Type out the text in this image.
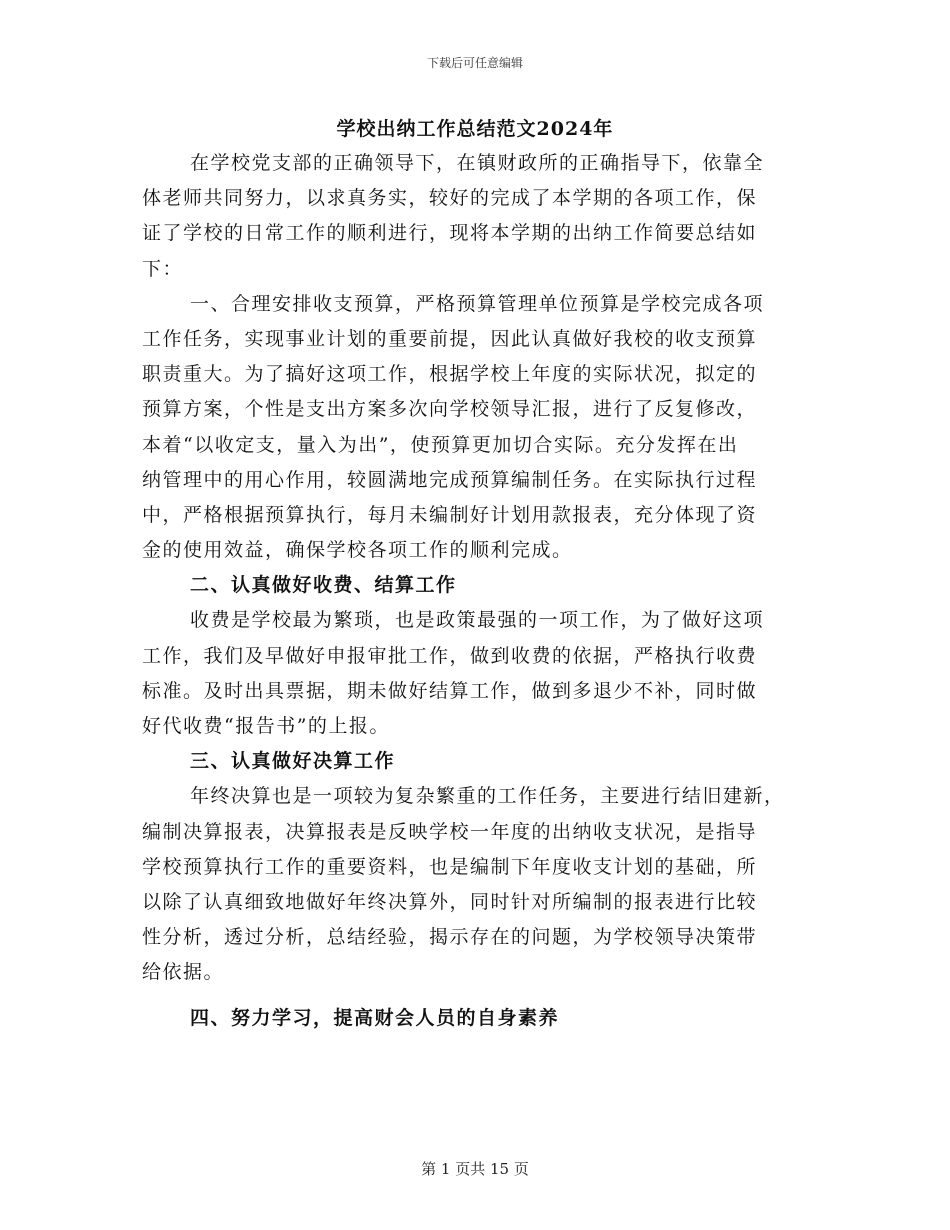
下载后可任意编辑
学校出纳工作总结范文2024年
在学校党支部的正确领导下，在镇财政所的正确指导下，依靠全
体老师共同努力，以求真务实，较好的完成了本学期的各项工作，保
证了学校的日常工作的顺利进行，现将本学期的出纳工作简要总结如
下：
一、合理安排收支预算，严格预算管理单位预算是学校完成各项
工作任务，实现事业计划的重要前提，因此认真做好我校的收支预算
职责重大。为了搞好这项工作，根据学校上年度的实际状况，拟定的
预算方案，个性是支出方案多次向学校领导汇报，进行了反复修改，
本着“以收定支，量入为出”，使预算更加切合实际。充分发挥在出
纳管理中的用心作用，较圆满地完成预算编制任务。在实际执行过程
中，严格根据预算执行，每月未编制好计划用款报表，充分体现了资
金的使用效益，确保学校各项工作的顺利完成。
二、认真做好收费、结算工作
收费是学校最为繁琐，也是政策最强的一项工作，为了做好这项
工作，我们及早做好申报审批工作，做到收费的依据，严格执行收费
标准。及时出具票据，期未做好结算工作，做到多退少不补，同时做
好代收费“报告书”的上报。
三、认真做好决算工作
年终决算也是一项较为复杂繁重的工作任务，主要进行结旧建新，
编制决算报表，决算报表是反映学校一年度的出纳收支状况，是指导
学校预算执行工作的重要资料，也是编制下年度收支计划的基础，所
以除了认真细致地做好年终决算外，同时针对所编制的报表进行比较
性分析，透过分析，总结经验，揭示存在的问题，为学校领导决策带
给依据。
四、努力学习，提高财会人员的自身素养
第 1 页共 15 页
